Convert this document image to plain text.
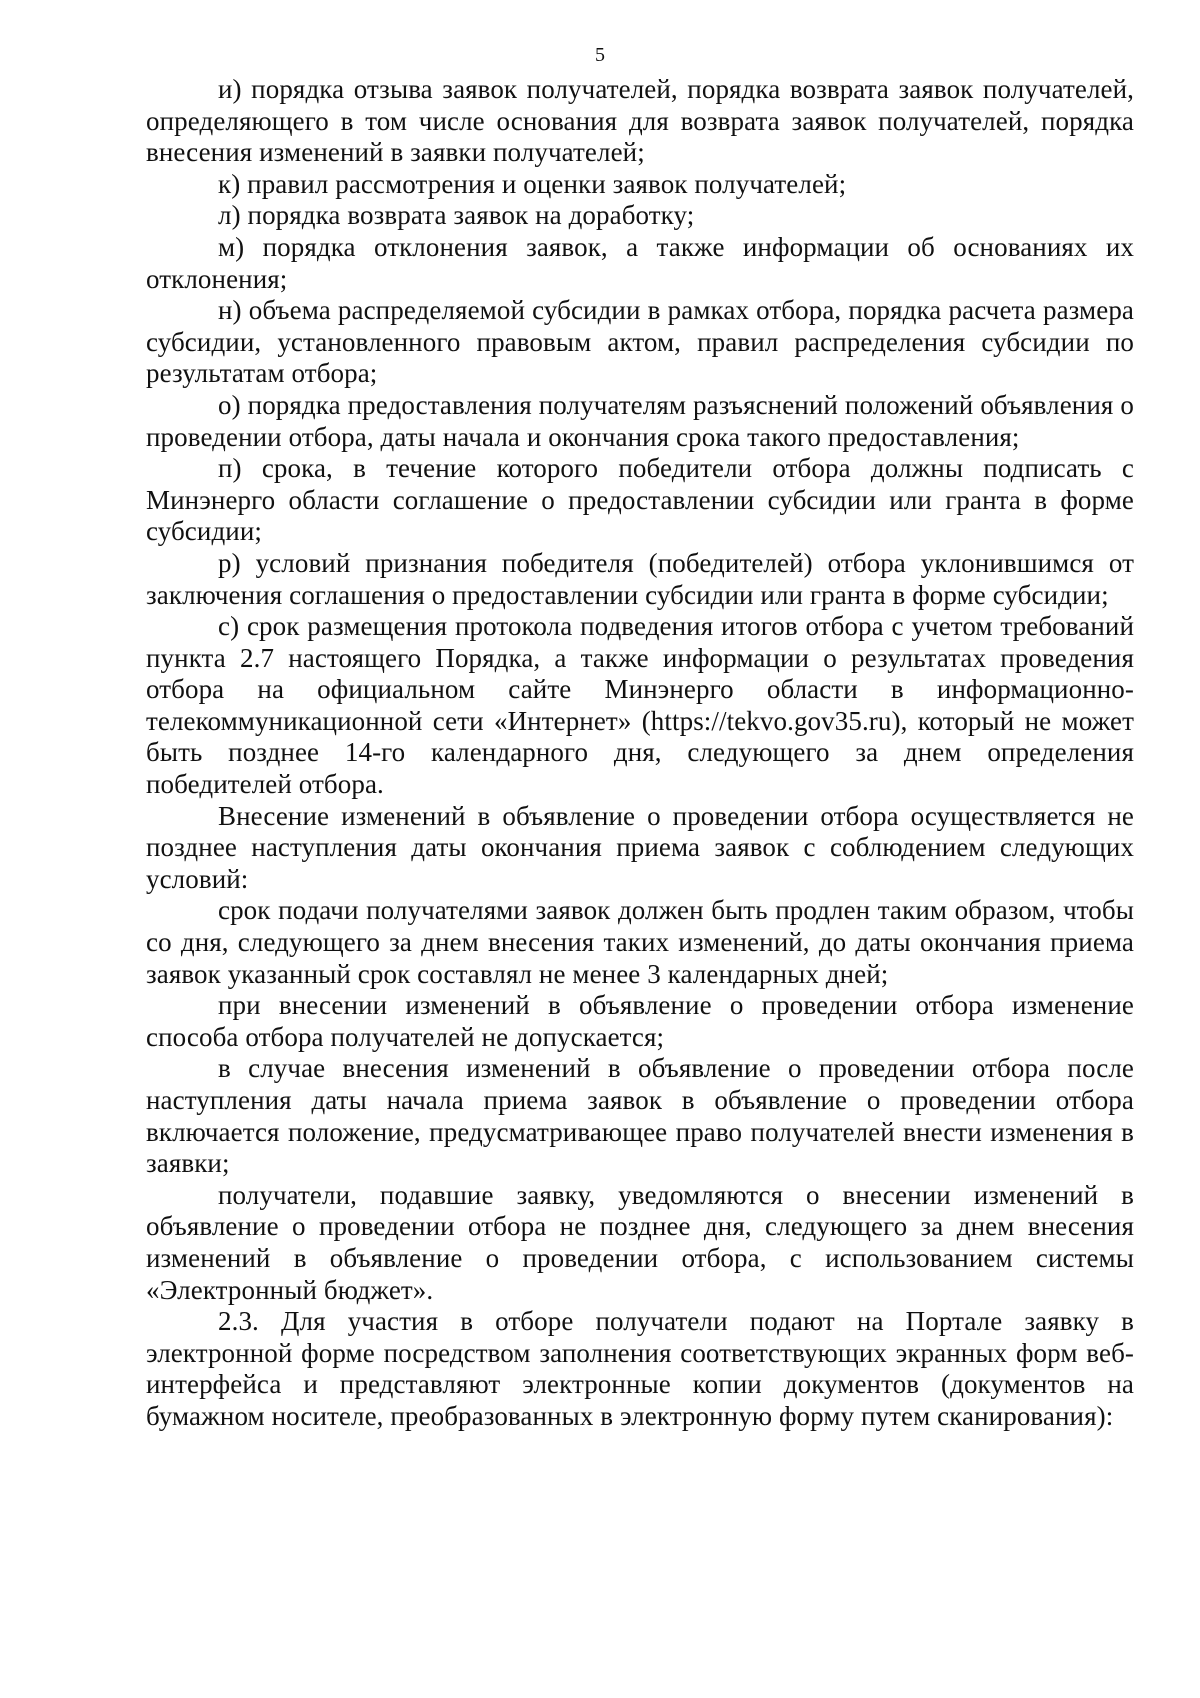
5

и) порядка отзыва заявок получателей, порядка возврата заявок получателей, определяющего в том числе основания для возврата заявок получателей, порядка внесения изменений в заявки получателей;

к) правил рассмотрения и оценки заявок получателей;

л) порядка возврата заявок на доработку;

м) порядка отклонения заявок, а также информации об основаниях их отклонения;

н) объема распределяемой субсидии в рамках отбора, порядка расчета размера субсидии, установленного правовым актом, правил распределения субсидии по результатам отбора;

о) порядка предоставления получателям разъяснений положений объявления о проведении отбора, даты начала и окончания срока такого предоставления;

п) срока, в течение которого победители отбора должны подписать с Минэнерго области соглашение о предоставлении субсидии или гранта в форме субсидии;

р) условий признания победителя (победителей) отбора уклонившимся от заключения соглашения о предоставлении субсидии или гранта в форме субсидии;

с) срок размещения протокола подведения итогов отбора с учетом требований пункта 2.7 настоящего Порядка, а также информации о результатах проведения отбора на официальном сайте Минэнерго области в информационно-телекоммуникационной сети «Интернет» (https://tekvo.gov35.ru), который не может быть позднее 14-го календарного дня, следующего за днем определения победителей отбора.

Внесение изменений в объявление о проведении отбора осуществляется не позднее наступления даты окончания приема заявок с соблюдением следующих условий:

срок подачи получателями заявок должен быть продлен таким образом, чтобы со дня, следующего за днем внесения таких изменений, до даты окончания приема заявок указанный срок составлял не менее 3 календарных дней;

при внесении изменений в объявление о проведении отбора изменение способа отбора получателей не допускается;

в случае внесения изменений в объявление о проведении отбора после наступления даты начала приема заявок в объявление о проведении отбора включается положение, предусматривающее право получателей внести изменения в заявки;

получатели, подавшие заявку, уведомляются о внесении изменений в объявление о проведении отбора не позднее дня, следующего за днем внесения изменений в объявление о проведении отбора, с использованием системы «Электронный бюджет».

2.3. Для участия в отборе получатели подают на Портале заявку в электронной форме посредством заполнения соответствующих экранных форм веб-интерфейса и представляют электронные копии документов (документов на бумажном носителе, преобразованных в электронную форму путем сканирования):
